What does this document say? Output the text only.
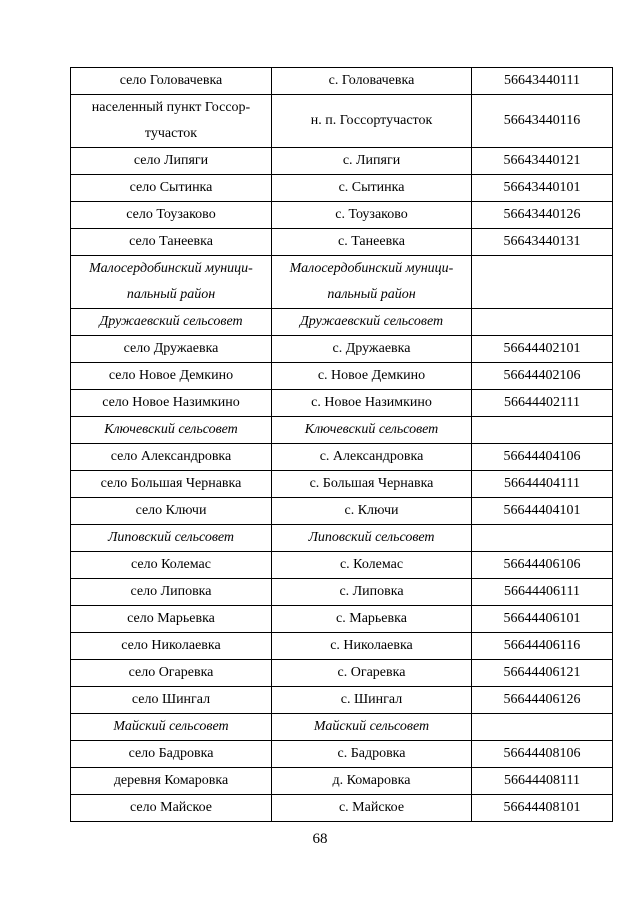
село Головачевка	с. Головачевка	56643440111
населенный пункт Госсор-тучасток	н. п. Госсортучасток	56643440116
село Липяги	с. Липяги	56643440121
село Сытинка	с. Сытинка	56643440101
село Тоузаково	с. Тоузаково	56643440126
село Танеевка	с. Танеевка	56643440131
Малосердобинский муници-пальный район	Малосердобинский муници-пальный район	
Дружаевский сельсовет	Дружаевский сельсовет	
село Дружаевка	с. Дружаевка	56644402101
село Новое Демкино	с. Новое Демкино	56644402106
село Новое Назимкино	с. Новое Назимкино	56644402111
Ключевский сельсовет	Ключевский сельсовет	
село Александровка	с. Александровка	56644404106
село Большая Чернавка	с. Большая Чернавка	56644404111
село Ключи	с. Ключи	56644404101
Липовский сельсовет	Липовский сельсовет	
село Колемас	с. Колемас	56644406106
село Липовка	с. Липовка	56644406111
село Марьевка	с. Марьевка	56644406101
село Николаевка	с. Николаевка	56644406116
село Огаревка	с. Огаревка	56644406121
село Шингал	с. Шингал	56644406126
Майский сельсовет	Майский сельсовет	
село Бадровка	с. Бадровка	56644408106
деревня Комаровка	д. Комаровка	56644408111
село Майское	с. Майское	56644408101
68
